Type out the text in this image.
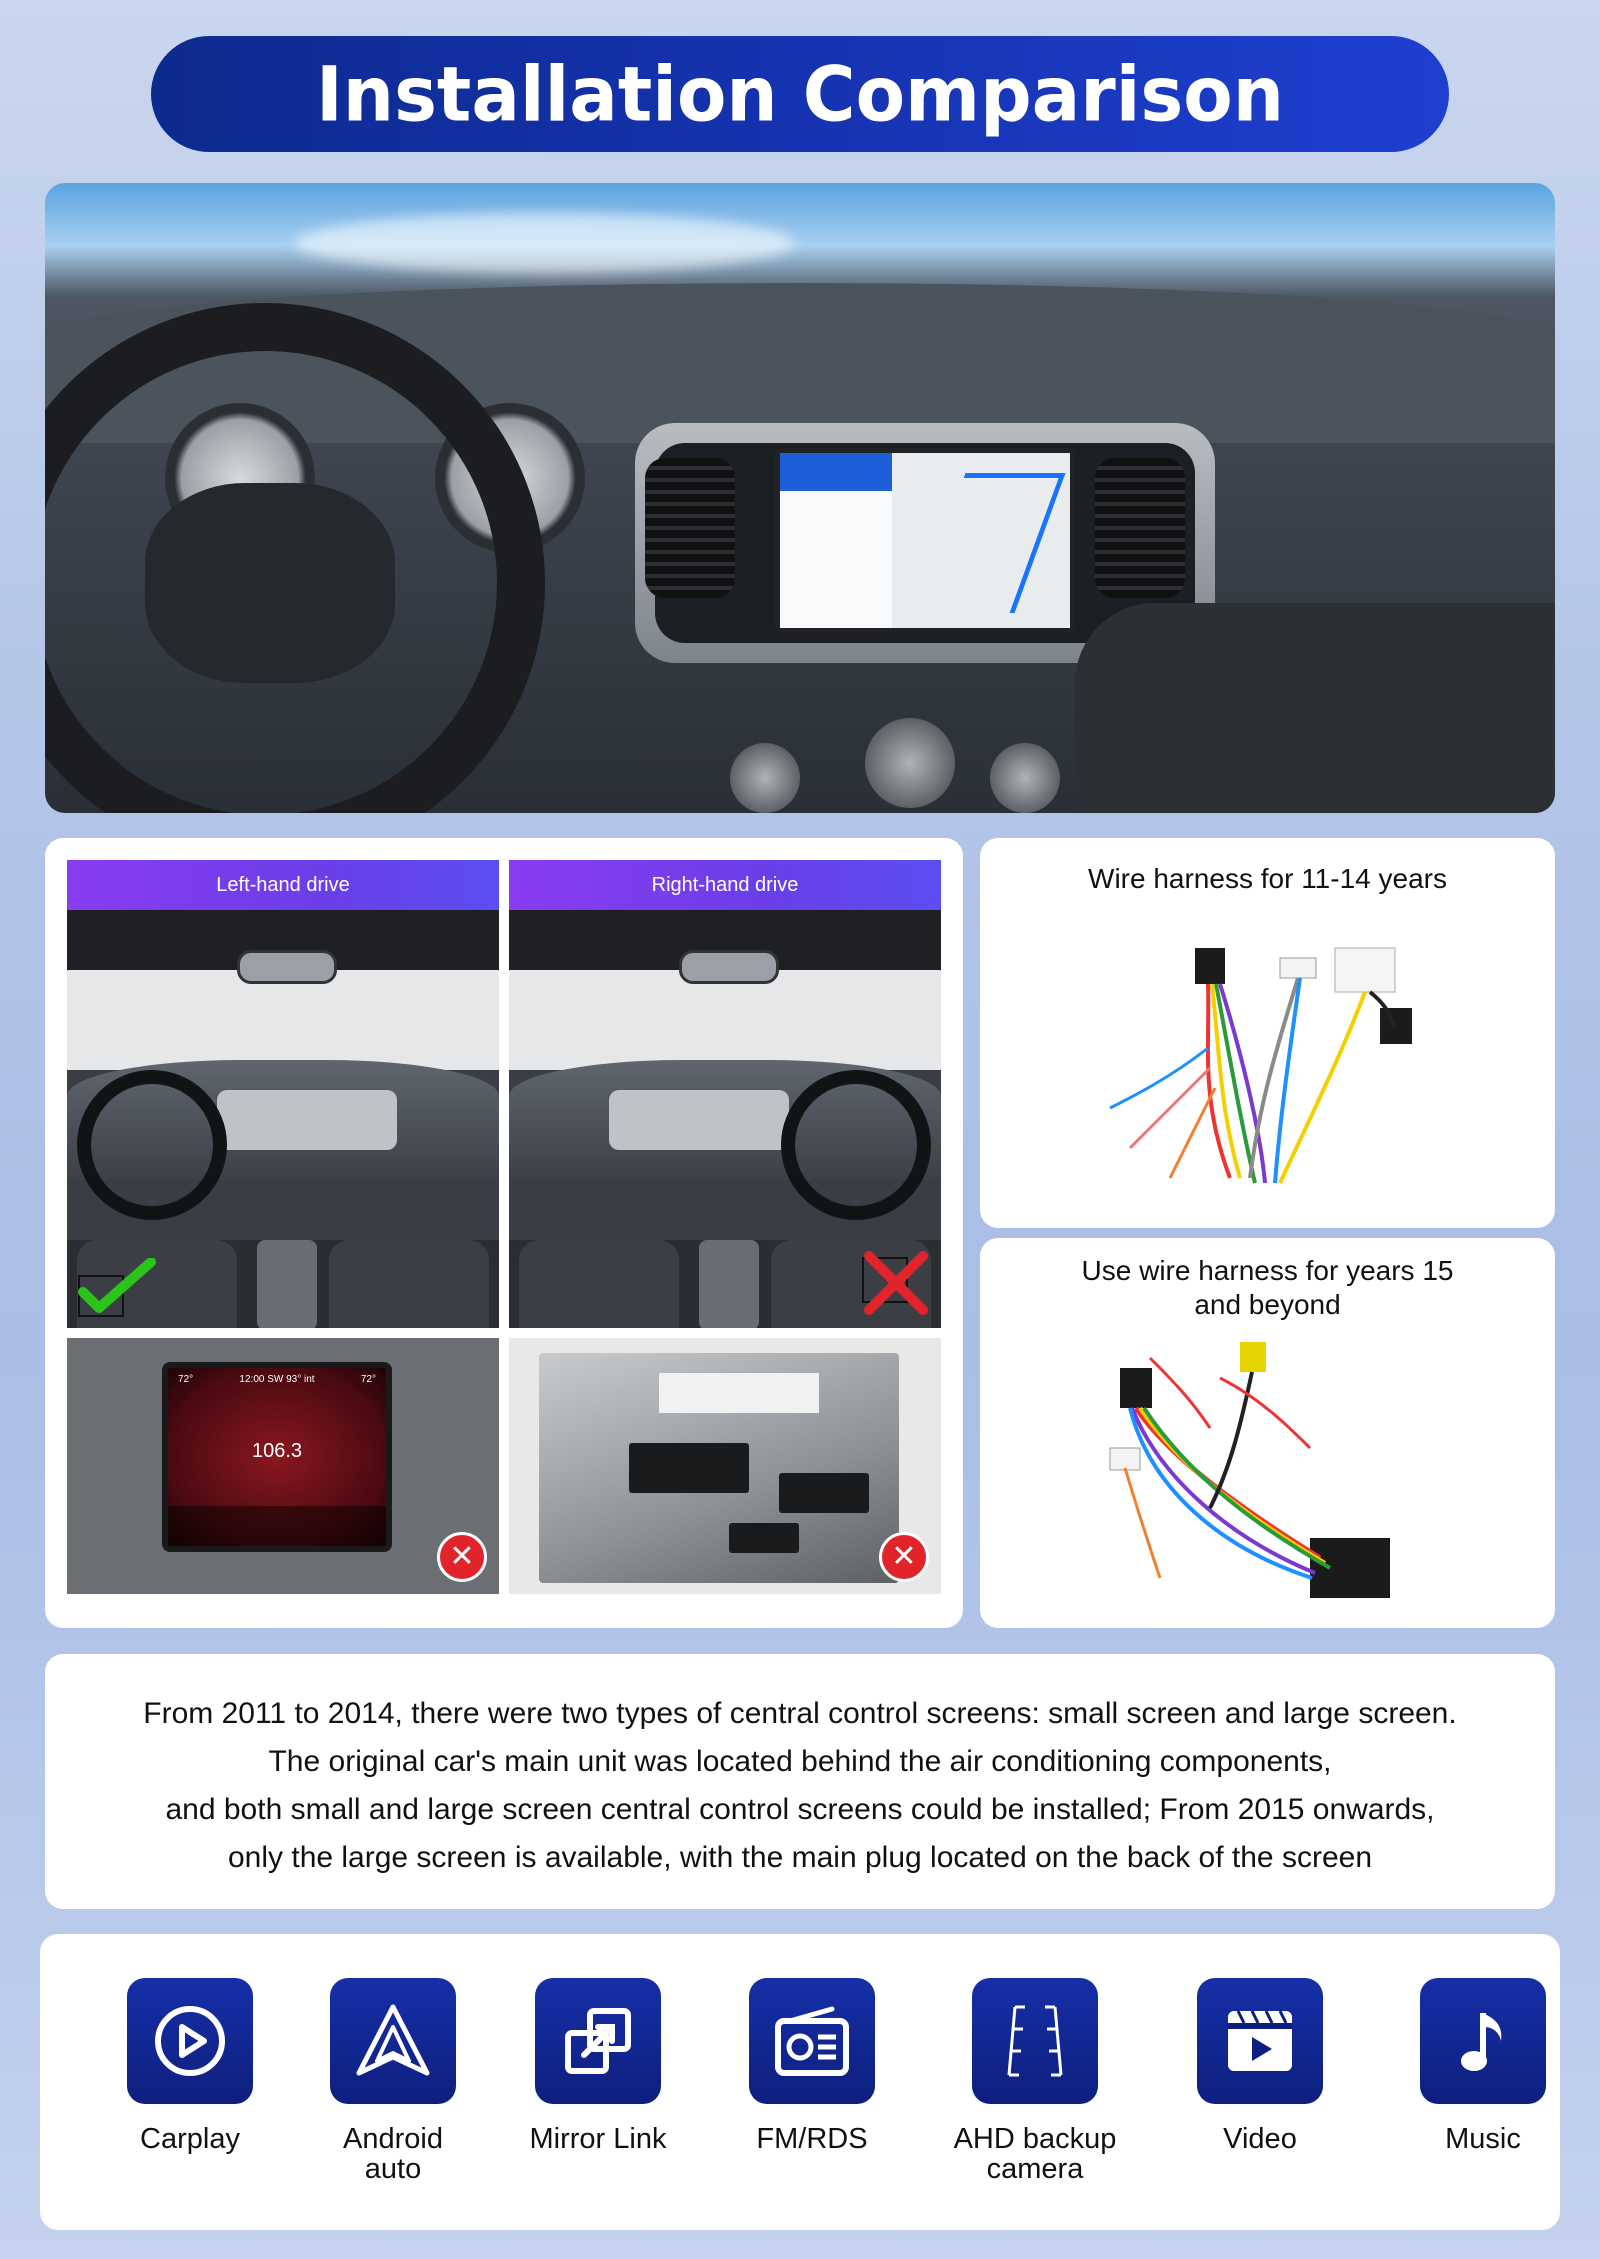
Installation Comparison
Left-hand drive
72°	12:00 SW 93° int	72°
106.3
✕
Right-hand drive
✕
Wire harness for 11-14 years
Use wire harness for years 15
and beyond
From 2011 to 2014, there were two types of central control screens: small screen and large screen.
The original car's main unit was located behind the air conditioning components,
and both small and large screen central control screens could be installed; From 2015 onwards,
only the large screen is available, with the main plug located on the back of the screen
Carplay	Android
auto
Mirror Link	FM/RDS	AHD backup
camera
Video	Music
